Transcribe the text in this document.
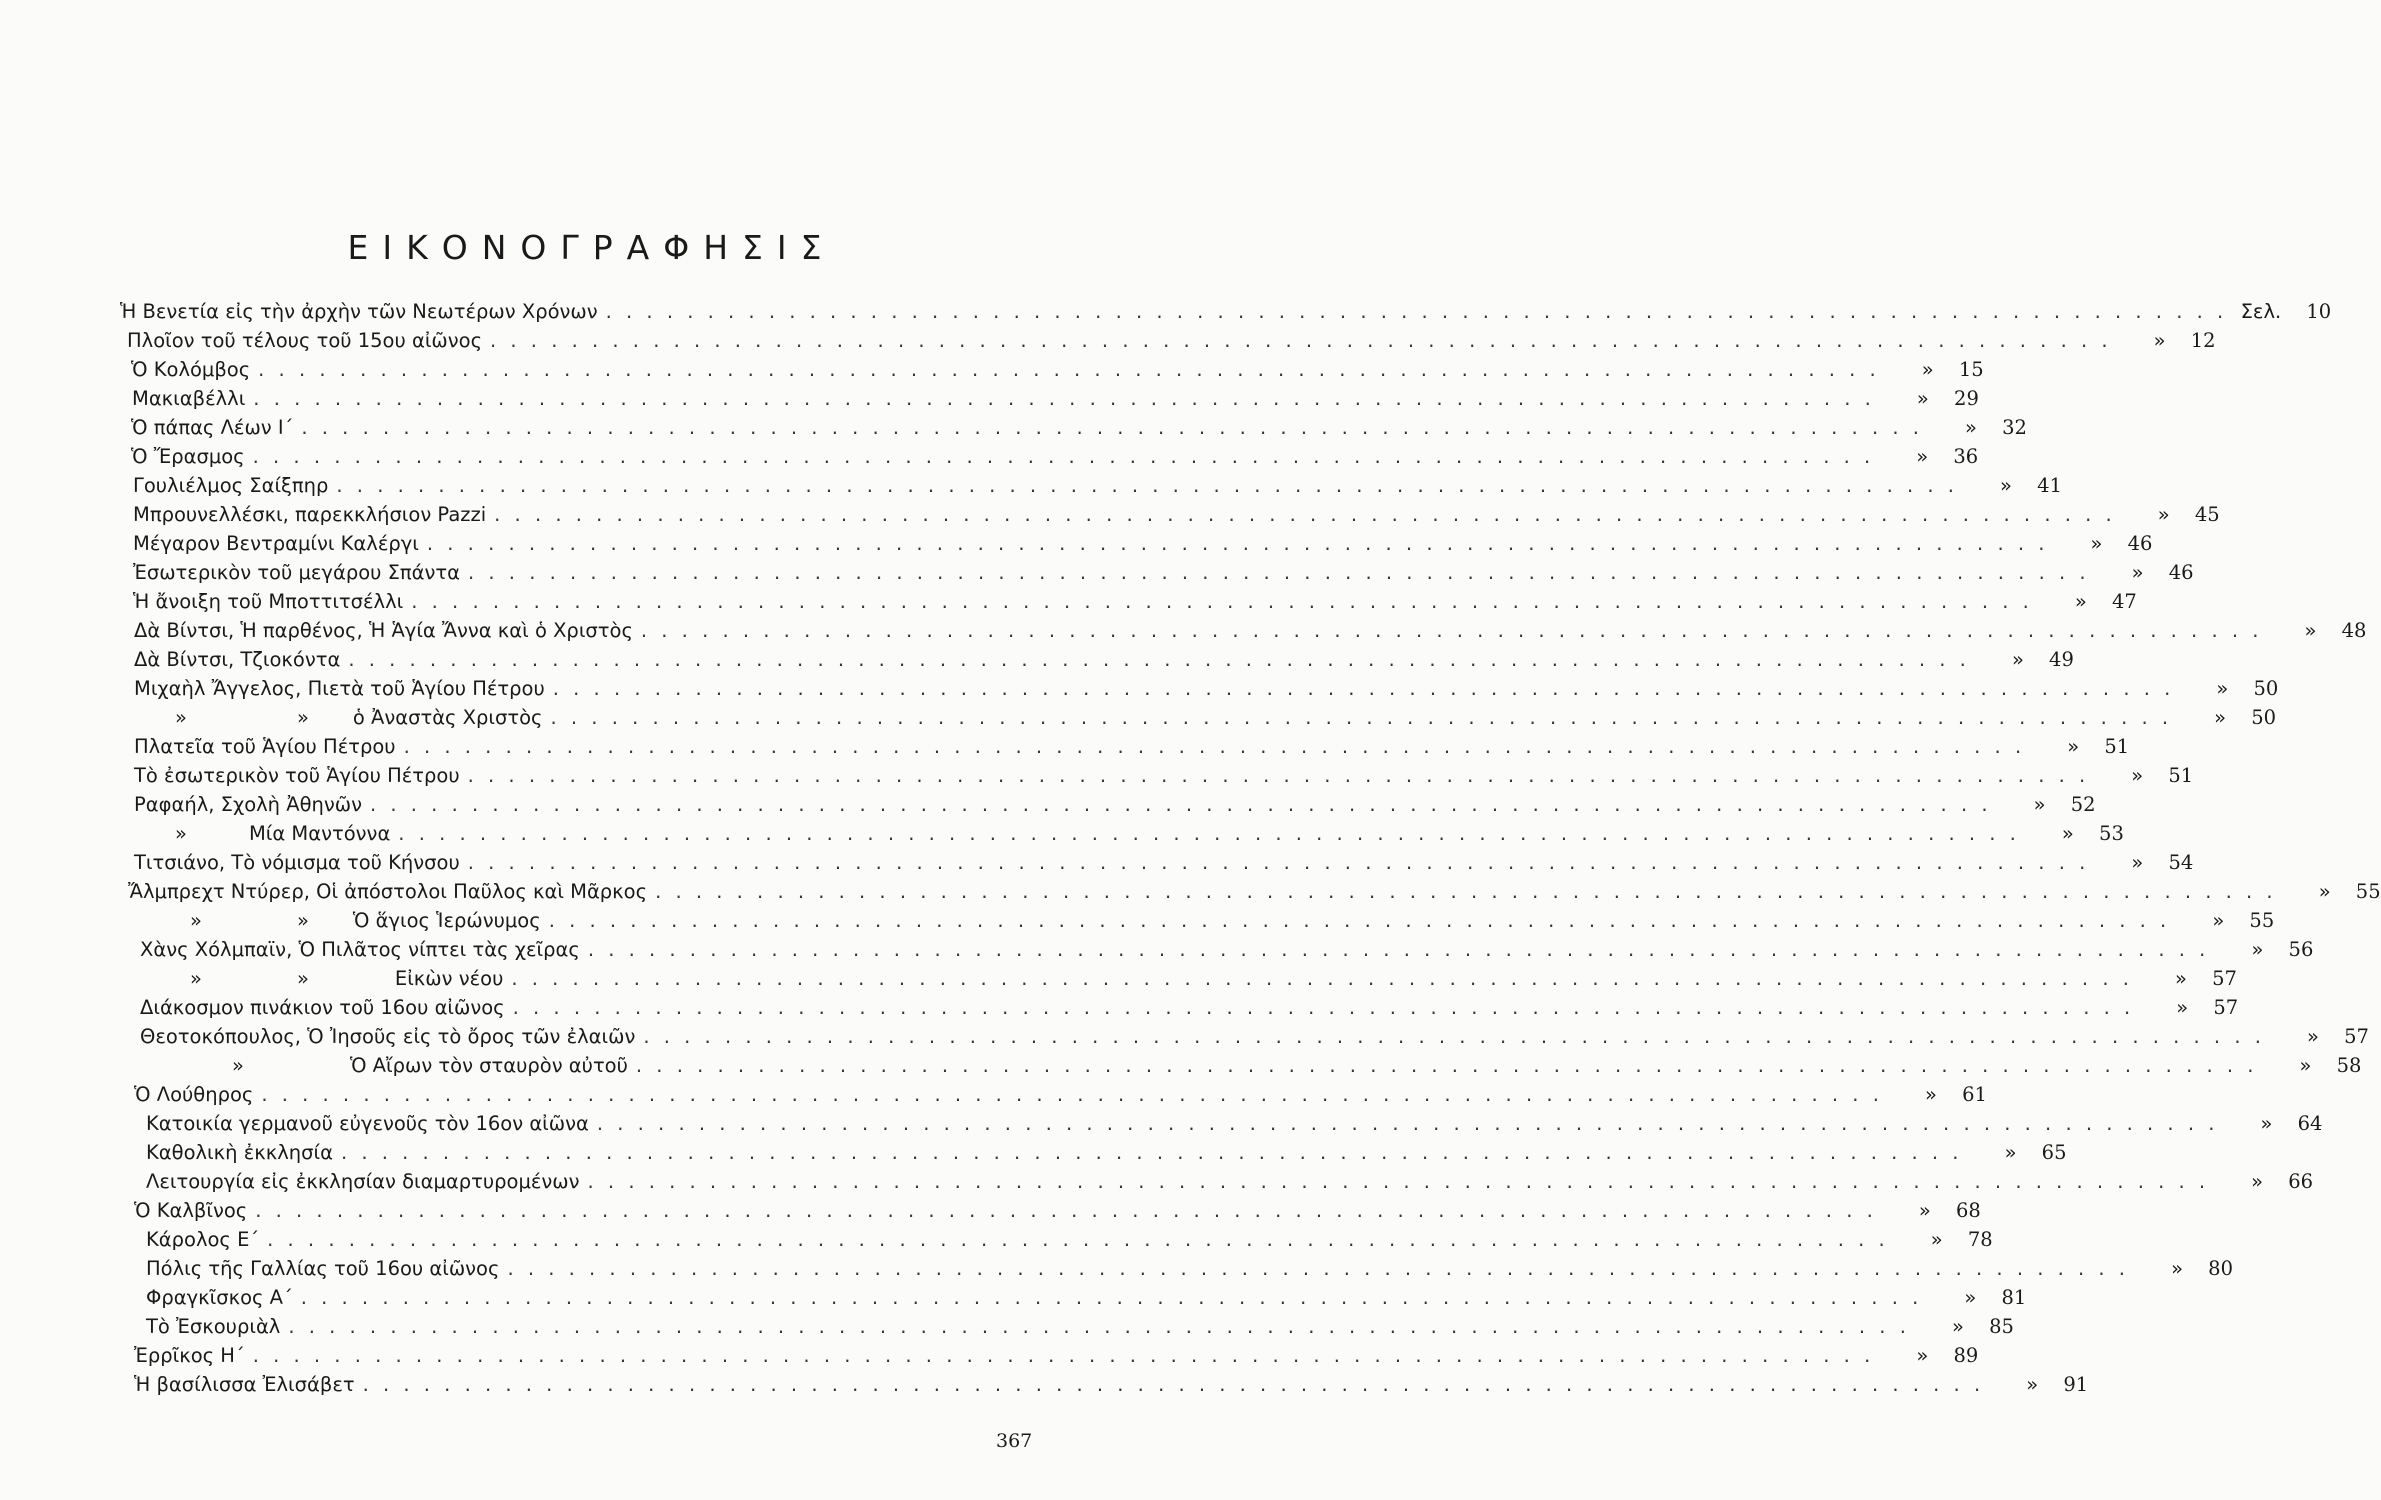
ΕΙΚΟΝΟΓΡΑΦΗΣΙΣ
Ἡ Βενετία εἰς τὴν ἀρχὴν τῶν Νεωτέρων Χρόνων . . . . . . . . . . . . . . . . . . . . . . . . . . . . . . . . . . . . . . . . . . . . . . . . . . . . . . . . . . . . . . . . . . . . . . . . . . . . . . . . Σελ.	10
Πλοῖον τοῦ τέλους τοῦ 15ου αἰῶνος . . . . . . . . . . . . . . . . . . . . . . . . . . . . . . . . . . . . . . . . . . . . . . . . . . . . . . . . . . . . . . . . . . . . . . . . . . . . . . . .	»	12
Ὁ Κολόμβος . . . . . . . . . . . . . . . . . . . . . . . . . . . . . . . . . . . . . . . . . . . . . . . . . . . . . . . . . . . . . . . . . . . . . . . . . . . . . . . .	»	15
Μακιαβέλλι . . . . . . . . . . . . . . . . . . . . . . . . . . . . . . . . . . . . . . . . . . . . . . . . . . . . . . . . . . . . . . . . . . . . . . . . . . . . . . . .	»	29
Ὁ πάπας Λέων Ι΄ . . . . . . . . . . . . . . . . . . . . . . . . . . . . . . . . . . . . . . . . . . . . . . . . . . . . . . . . . . . . . . . . . . . . . . . . . . . . . . . .	»	32
Ὁ Ἔρασμος . . . . . . . . . . . . . . . . . . . . . . . . . . . . . . . . . . . . . . . . . . . . . . . . . . . . . . . . . . . . . . . . . . . . . . . . . . . . . . . .	»	36
Γουλιέλμος Σαίξπηρ . . . . . . . . . . . . . . . . . . . . . . . . . . . . . . . . . . . . . . . . . . . . . . . . . . . . . . . . . . . . . . . . . . . . . . . . . . . . . . . .	»	41
Μπρουνελλέσκι, παρεκκλήσιον Pazzi . . . . . . . . . . . . . . . . . . . . . . . . . . . . . . . . . . . . . . . . . . . . . . . . . . . . . . . . . . . . . . . . . . . . . . . . . . . . . . . .	»	45
Μέγαρον Βεντραμίνι Καλέργι . . . . . . . . . . . . . . . . . . . . . . . . . . . . . . . . . . . . . . . . . . . . . . . . . . . . . . . . . . . . . . . . . . . . . . . . . . . . . . . .	»	46
Ἐσωτερικὸν τοῦ μεγάρου Σπάντα . . . . . . . . . . . . . . . . . . . . . . . . . . . . . . . . . . . . . . . . . . . . . . . . . . . . . . . . . . . . . . . . . . . . . . . . . . . . . . . .	»	46
Ἡ ἄνοιξη τοῦ Μποττιτσέλλι . . . . . . . . . . . . . . . . . . . . . . . . . . . . . . . . . . . . . . . . . . . . . . . . . . . . . . . . . . . . . . . . . . . . . . . . . . . . . . . .	»	47
Δὰ Βίντσι, Ἡ παρθένος, Ἡ Ἁγία Ἄννα καὶ ὁ Χριστὸς . . . . . . . . . . . . . . . . . . . . . . . . . . . . . . . . . . . . . . . . . . . . . . . . . . . . . . . . . . . . . . . . . . . . . . . . . . . . . . . .	»	48
Δὰ Βίντσι, Τζιοκόντα . . . . . . . . . . . . . . . . . . . . . . . . . . . . . . . . . . . . . . . . . . . . . . . . . . . . . . . . . . . . . . . . . . . . . . . . . . . . . . . .	»	49
Μιχαὴλ Ἄγγελος, Πιετὰ τοῦ Ἁγίου Πέτρου . . . . . . . . . . . . . . . . . . . . . . . . . . . . . . . . . . . . . . . . . . . . . . . . . . . . . . . . . . . . . . . . . . . . . . . . . . . . . . . .	»	50
»	» ὁ Ἀναστὰς Χριστὸς . . . . . . . . . . . . . . . . . . . . . . . . . . . . . . . . . . . . . . . . . . . . . . . . . . . . . . . . . . . . . . . . . . . . . . . . . . . . . . . .	»	50
Πλατεῖα τοῦ Ἁγίου Πέτρου . . . . . . . . . . . . . . . . . . . . . . . . . . . . . . . . . . . . . . . . . . . . . . . . . . . . . . . . . . . . . . . . . . . . . . . . . . . . . . . .	»	51
Τὸ ἐσωτερικὸν τοῦ Ἁγίου Πέτρου . . . . . . . . . . . . . . . . . . . . . . . . . . . . . . . . . . . . . . . . . . . . . . . . . . . . . . . . . . . . . . . . . . . . . . . . . . . . . . . .	»	51
Ραφαήλ, Σχολὴ Ἀθηνῶν . . . . . . . . . . . . . . . . . . . . . . . . . . . . . . . . . . . . . . . . . . . . . . . . . . . . . . . . . . . . . . . . . . . . . . . . . . . . . . . .	»	52
»	Μία Μαντόννα . . . . . . . . . . . . . . . . . . . . . . . . . . . . . . . . . . . . . . . . . . . . . . . . . . . . . . . . . . . . . . . . . . . . . . . . . . . . . . . .	»	53
Τιτσιάνο, Τὸ νόμισμα τοῦ Κήνσου . . . . . . . . . . . . . . . . . . . . . . . . . . . . . . . . . . . . . . . . . . . . . . . . . . . . . . . . . . . . . . . . . . . . . . . . . . . . . . . .	»	54
Ἄλμπρεχτ Ντύρερ, Οἱ ἀπόστολοι Παῦλος καὶ Μᾶρκος . . . . . . . . . . . . . . . . . . . . . . . . . . . . . . . . . . . . . . . . . . . . . . . . . . . . . . . . . . . . . . . . . . . . . . . . . . . . . . . .	»	55
»	» Ὁ ἅγιος Ἱερώνυμος . . . . . . . . . . . . . . . . . . . . . . . . . . . . . . . . . . . . . . . . . . . . . . . . . . . . . . . . . . . . . . . . . . . . . . . . . . . . . . . .	»	55
Χὰνς Χόλμπαϊν, Ὁ Πιλᾶτος νίπτει τὰς χεῖρας . . . . . . . . . . . . . . . . . . . . . . . . . . . . . . . . . . . . . . . . . . . . . . . . . . . . . . . . . . . . . . . . . . . . . . . . . . . . . . . .	»	56
»	»	Εἰκὼν νέου . . . . . . . . . . . . . . . . . . . . . . . . . . . . . . . . . . . . . . . . . . . . . . . . . . . . . . . . . . . . . . . . . . . . . . . . . . . . . . . .	»	57
Διάκοσμον πινάκιον τοῦ 16ου αἰῶνος . . . . . . . . . . . . . . . . . . . . . . . . . . . . . . . . . . . . . . . . . . . . . . . . . . . . . . . . . . . . . . . . . . . . . . . . . . . . . . . .	»	57
Θεοτοκόπουλος, Ὁ Ἰησοῦς εἰς τὸ ὄρος τῶν ἐλαιῶν . . . . . . . . . . . . . . . . . . . . . . . . . . . . . . . . . . . . . . . . . . . . . . . . . . . . . . . . . . . . . . . . . . . . . . . . . . . . . . . .	»	57
»	Ὁ Αἴρων τὸν σταυρὸν αὐτοῦ . . . . . . . . . . . . . . . . . . . . . . . . . . . . . . . . . . . . . . . . . . . . . . . . . . . . . . . . . . . . . . . . . . . . . . . . . . . . . . . .	»	58
Ὁ Λούθηρος . . . . . . . . . . . . . . . . . . . . . . . . . . . . . . . . . . . . . . . . . . . . . . . . . . . . . . . . . . . . . . . . . . . . . . . . . . . . . . . .	»	61
Κατοικία γερμανοῦ εὐγενοῦς τὸν 16ον αἰῶνα . . . . . . . . . . . . . . . . . . . . . . . . . . . . . . . . . . . . . . . . . . . . . . . . . . . . . . . . . . . . . . . . . . . . . . . . . . . . . . . .	»	64
Καθολικὴ ἐκκλησία . . . . . . . . . . . . . . . . . . . . . . . . . . . . . . . . . . . . . . . . . . . . . . . . . . . . . . . . . . . . . . . . . . . . . . . . . . . . . . . .	»	65
Λειτουργία εἰς ἐκκλησίαν διαμαρτυρομένων . . . . . . . . . . . . . . . . . . . . . . . . . . . . . . . . . . . . . . . . . . . . . . . . . . . . . . . . . . . . . . . . . . . . . . . . . . . . . . . .	»	66
Ὁ Καλβῖνος . . . . . . . . . . . . . . . . . . . . . . . . . . . . . . . . . . . . . . . . . . . . . . . . . . . . . . . . . . . . . . . . . . . . . . . . . . . . . . . .	»	68
Κάρολος Ε΄ . . . . . . . . . . . . . . . . . . . . . . . . . . . . . . . . . . . . . . . . . . . . . . . . . . . . . . . . . . . . . . . . . . . . . . . . . . . . . . . .	»	78
Πόλις τῆς Γαλλίας τοῦ 16ου αἰῶνος . . . . . . . . . . . . . . . . . . . . . . . . . . . . . . . . . . . . . . . . . . . . . . . . . . . . . . . . . . . . . . . . . . . . . . . . . . . . . . . .	»	80
Φραγκῖσκος Α΄ . . . . . . . . . . . . . . . . . . . . . . . . . . . . . . . . . . . . . . . . . . . . . . . . . . . . . . . . . . . . . . . . . . . . . . . . . . . . . . . .	»	81
Τὸ Ἐσκουριὰλ . . . . . . . . . . . . . . . . . . . . . . . . . . . . . . . . . . . . . . . . . . . . . . . . . . . . . . . . . . . . . . . . . . . . . . . . . . . . . . . .	»	85
Ἐρρῖκος Η΄ . . . . . . . . . . . . . . . . . . . . . . . . . . . . . . . . . . . . . . . . . . . . . . . . . . . . . . . . . . . . . . . . . . . . . . . . . . . . . . . .	»	89
Ἡ βασίλισσα Ἐλισάβετ . . . . . . . . . . . . . . . . . . . . . . . . . . . . . . . . . . . . . . . . . . . . . . . . . . . . . . . . . . . . . . . . . . . . . . . . . . . . . . . .	»	91
367
